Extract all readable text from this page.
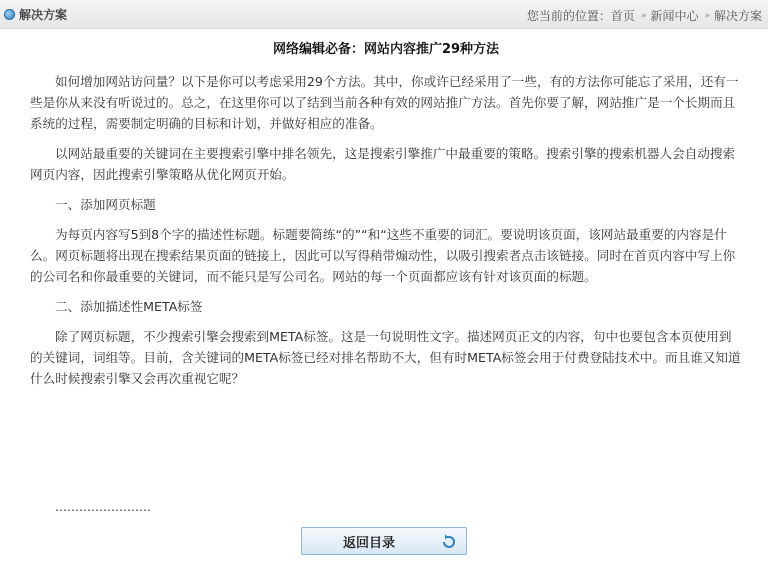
解决方案	您当前的位置： 首页 » 新闻中心 » 解决方案
网络编辑必备：网站内容推广29种方法

如何增加网站访问量？以下是你可以考虑采用29个方法。其中，你或许已经采用了一些，有的方法你可能忘了采用，还有一些是你从来没有听说过的。总之，在这里你可以了结到当前各种有效的网站推广方法。首先你要了解，网站推广是一个长期而且系统的过程，需要制定明确的目标和计划，并做好相应的准备。

以网站最重要的关键词在主要搜索引擎中排名领先，这是搜索引擎推广中最重要的策略。搜索引擎的搜索机器人会自动搜索网页内容，因此搜索引擎策略从优化网页开始。

一、添加网页标题

为每页内容写5到8个字的描述性标题。标题要简练“的”“和“这些不重要的词汇。要说明该页面，该网站最重要的内容是什么。网页标题将出现在搜索结果页面的链接上，因此可以写得稍带煽动性，以吸引搜索者点击该链接。同时在首页内容中写上你的公司名和你最重要的关键词，而不能只是写公司名。网站的每一个页面都应该有针对该页面的标题。

二、添加描述性META标签

除了网页标题，不少搜索引擎会搜索到META标签。这是一句说明性文字。描述网页正文的内容，句中也要包含本页使用到的关键词，词组等。目前，含关键词的META标签已经对排名帮助不大，但有时META标签会用于付费登陆技术中。而且谁又知道什么时候搜索引擎又会再次重视它呢？

……………………
返回目录
